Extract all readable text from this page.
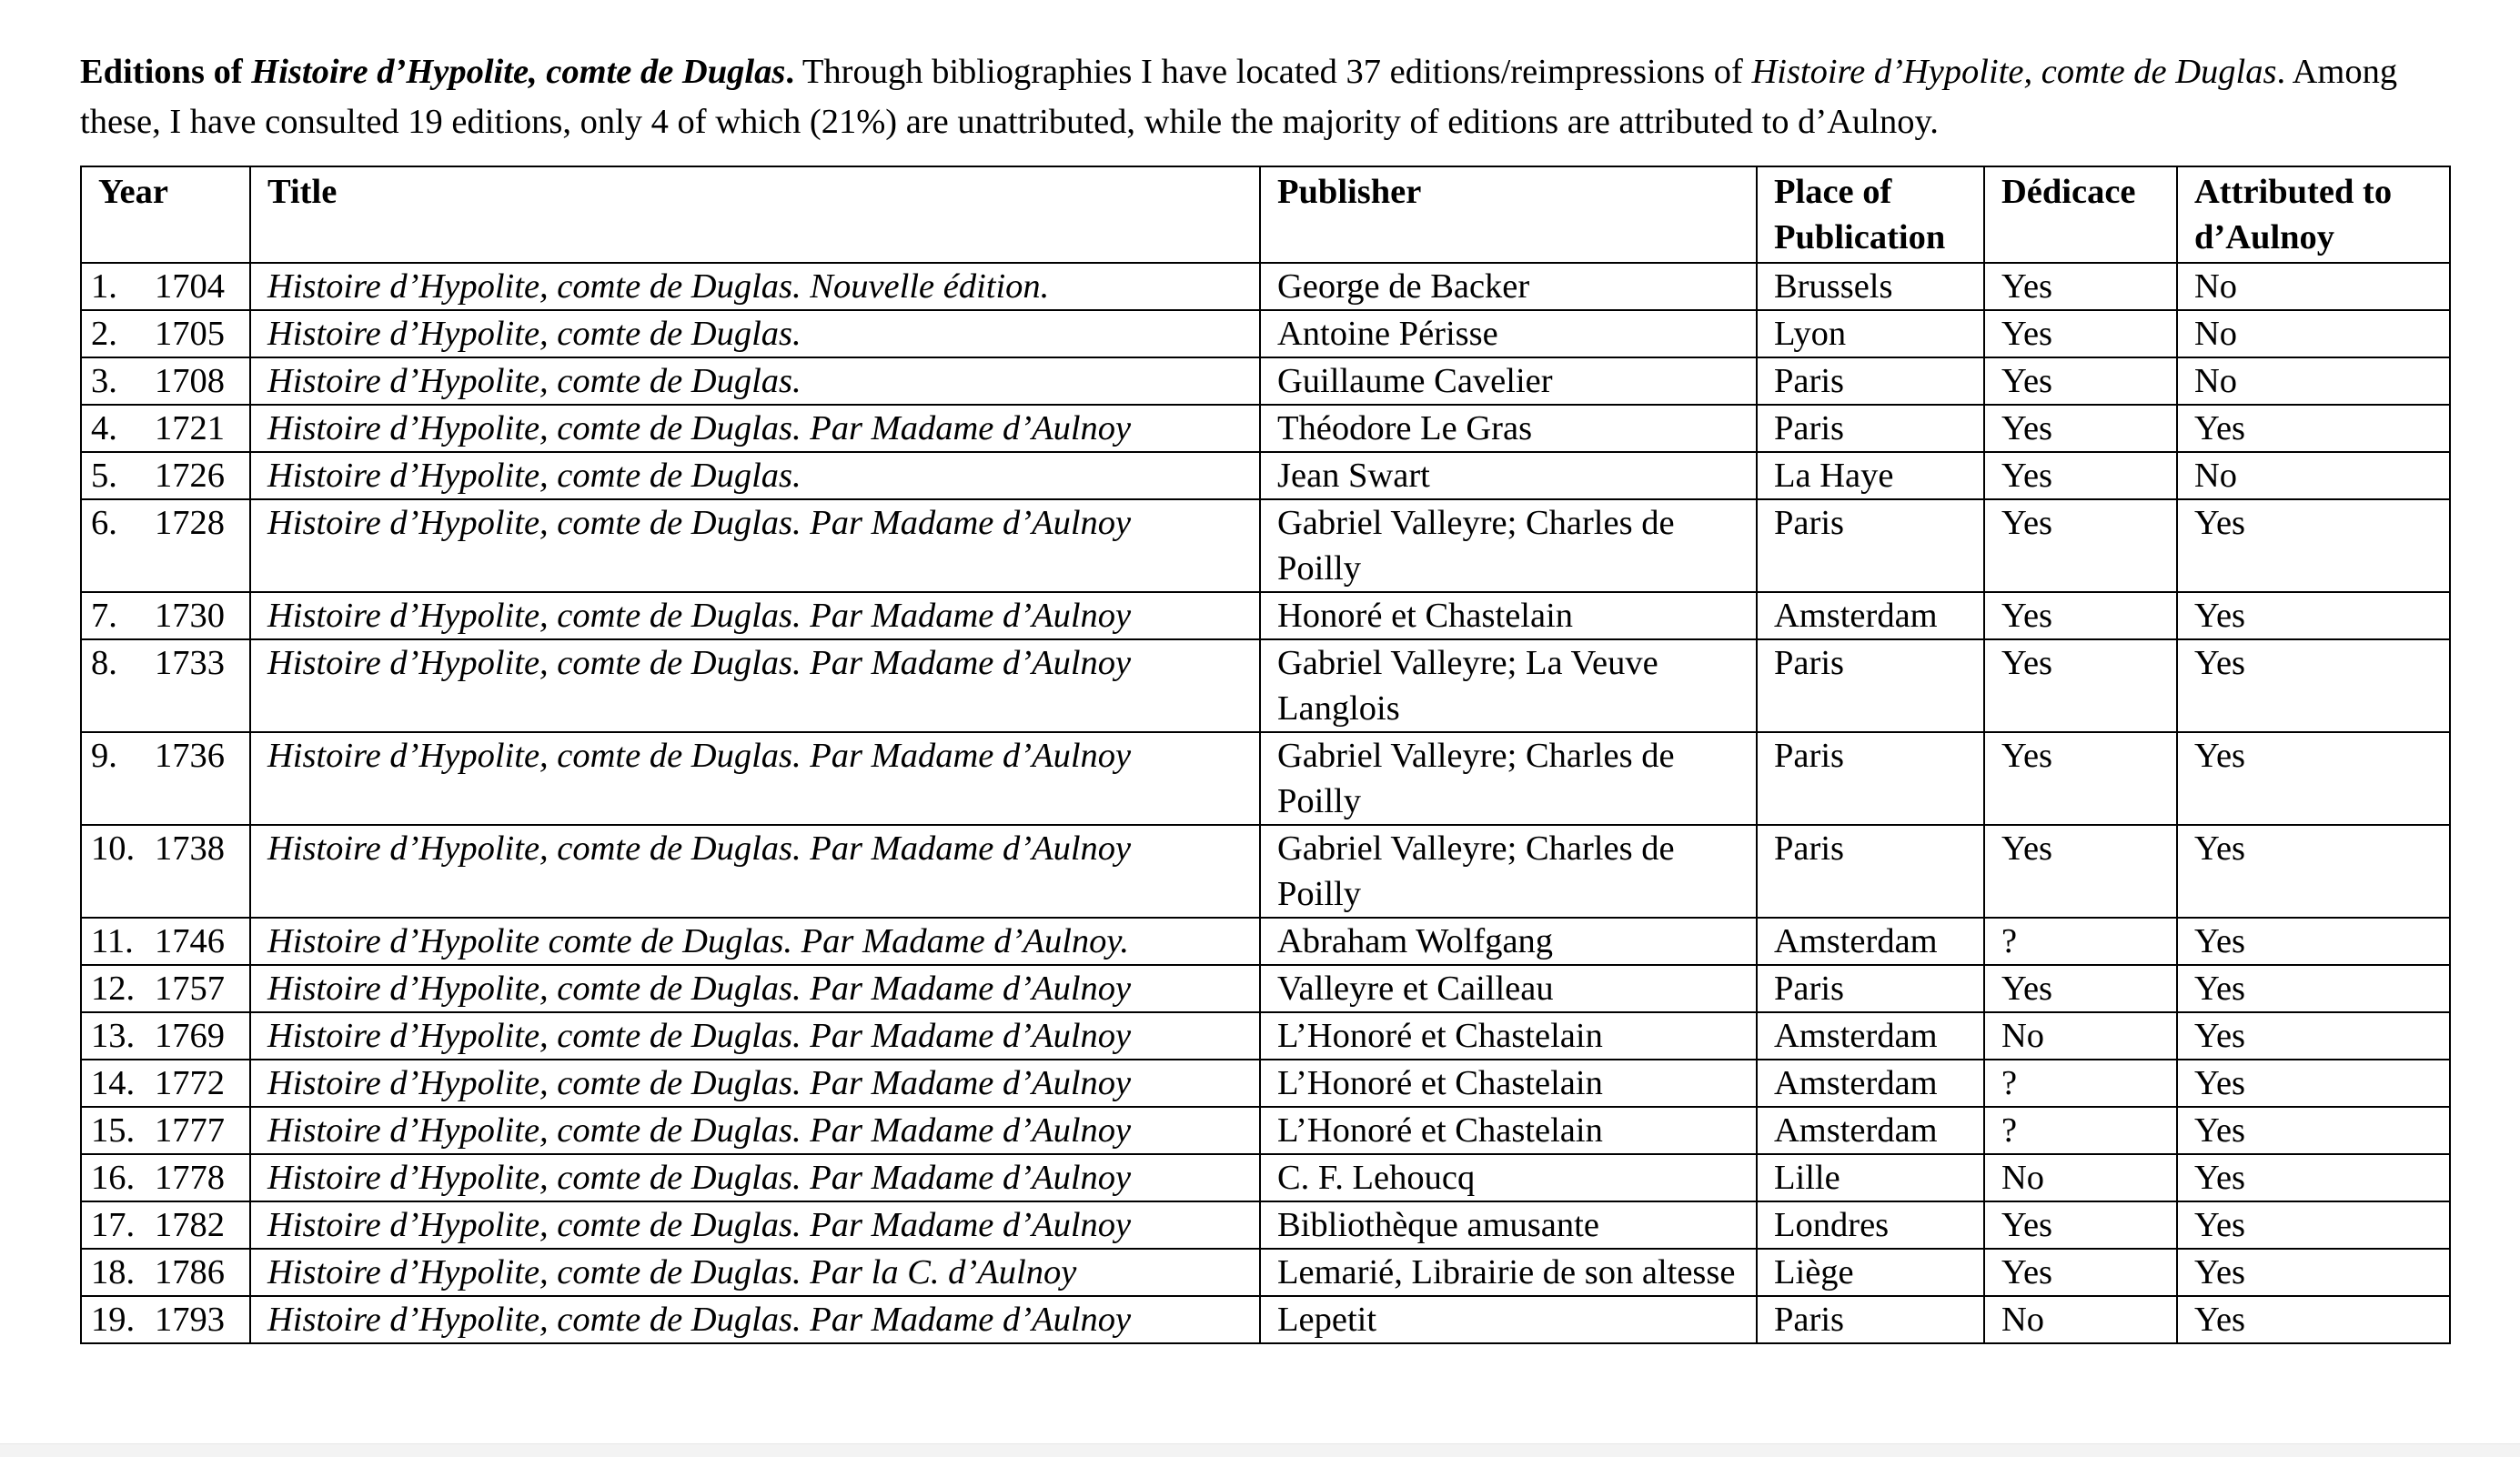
Editions of Histoire d’Hypolite, comte de Duglas. Through bibliographies I have located 37 editions/reimpressions of Histoire d’Hypolite, comte de Duglas. Among these, I have consulted 19 editions, only 4 of which (21%) are unattributed, while the majority of editions are attributed to d’Aulnoy.

Year	Title	Publisher	Place of Publication	Dédicace	Attributed to d’Aulnoy
1. 1704	Histoire d’Hypolite, comte de Duglas. Nouvelle édition.	George de Backer	Brussels	Yes	No
2. 1705	Histoire d’Hypolite, comte de Duglas.	Antoine Périsse	Lyon	Yes	No
3. 1708	Histoire d’Hypolite, comte de Duglas.	Guillaume Cavelier	Paris	Yes	No
4. 1721	Histoire d’Hypolite, comte de Duglas. Par Madame d’Aulnoy	Théodore Le Gras	Paris	Yes	Yes
5. 1726	Histoire d’Hypolite, comte de Duglas.	Jean Swart	La Haye	Yes	No
6. 1728	Histoire d’Hypolite, comte de Duglas. Par Madame d’Aulnoy	Gabriel Valleyre; Charles de Poilly	Paris	Yes	Yes
7. 1730	Histoire d’Hypolite, comte de Duglas. Par Madame d’Aulnoy	Honoré et Chastelain	Amsterdam	Yes	Yes
8. 1733	Histoire d’Hypolite, comte de Duglas. Par Madame d’Aulnoy	Gabriel Valleyre; La Veuve Langlois	Paris	Yes	Yes
9. 1736	Histoire d’Hypolite, comte de Duglas. Par Madame d’Aulnoy	Gabriel Valleyre; Charles de Poilly	Paris	Yes	Yes
10. 1738	Histoire d’Hypolite, comte de Duglas. Par Madame d’Aulnoy	Gabriel Valleyre; Charles de Poilly	Paris	Yes	Yes
11. 1746	Histoire d’Hypolite comte de Duglas. Par Madame d’Aulnoy.	Abraham Wolfgang	Amsterdam	?	Yes
12. 1757	Histoire d’Hypolite, comte de Duglas. Par Madame d’Aulnoy	Valleyre et Cailleau	Paris	Yes	Yes
13. 1769	Histoire d’Hypolite, comte de Duglas. Par Madame d’Aulnoy	L’Honoré et Chastelain	Amsterdam	No	Yes
14. 1772	Histoire d’Hypolite, comte de Duglas. Par Madame d’Aulnoy	L’Honoré et Chastelain	Amsterdam	?	Yes
15. 1777	Histoire d’Hypolite, comte de Duglas. Par Madame d’Aulnoy	L’Honoré et Chastelain	Amsterdam	?	Yes
16. 1778	Histoire d’Hypolite, comte de Duglas. Par Madame d’Aulnoy	C. F. Lehoucq	Lille	No	Yes
17. 1782	Histoire d’Hypolite, comte de Duglas. Par Madame d’Aulnoy	Bibliothèque amusante	Londres	Yes	Yes
18. 1786	Histoire d’Hypolite, comte de Duglas. Par la C. d’Aulnoy	Lemarié, Librairie de son altesse	Liège	Yes	Yes
19. 1793	Histoire d’Hypolite, comte de Duglas. Par Madame d’Aulnoy	Lepetit	Paris	No	Yes
